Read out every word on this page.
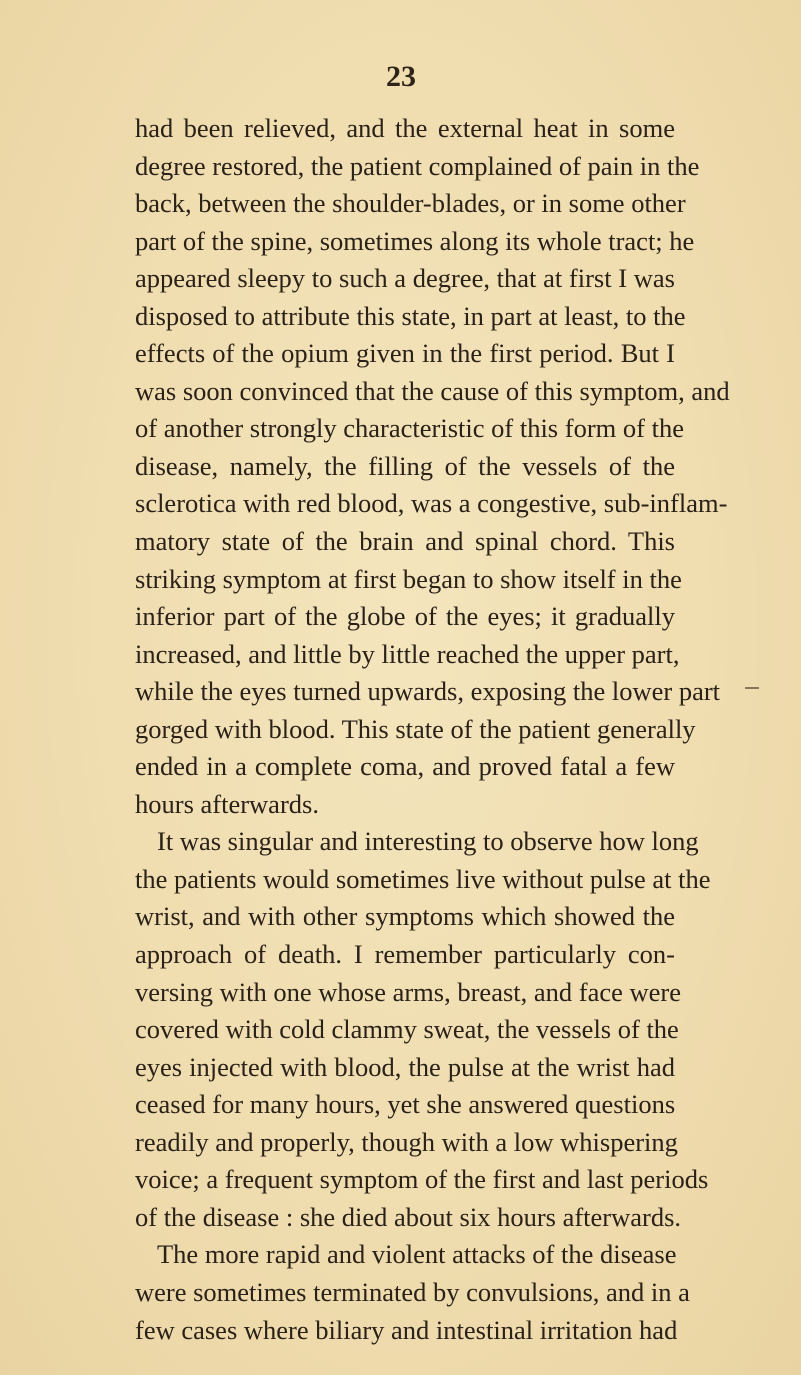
23
had been relieved, and the external heat in some
degree restored, the patient complained of pain in the
back, between the shoulder-blades, or in some other
part of the spine, sometimes along its whole tract; he
appeared sleepy to such a degree, that at first I was
disposed to attribute this state, in part at least, to the
effects of the opium given in the first period. But I
was soon convinced that the cause of this symptom, and
of another strongly characteristic of this form of the
disease, namely, the filling of the vessels of the
sclerotica with red blood, was a congestive, sub-inflam-
matory state of the brain and spinal chord. This
striking symptom at first began to show itself in the
inferior part of the globe of the eyes; it gradually
increased, and little by little reached the upper part,
while the eyes turned upwards, exposing the lower part
gorged with blood. This state of the patient generally
ended in a complete coma, and proved fatal a few
hours afterwards.
It was singular and interesting to observe how long
the patients would sometimes live without pulse at the
wrist, and with other symptoms which showed the
approach of death. I remember particularly con-
versing with one whose arms, breast, and face were
covered with cold clammy sweat, the vessels of the
eyes injected with blood, the pulse at the wrist had
ceased for many hours, yet she answered questions
readily and properly, though with a low whispering
voice; a frequent symptom of the first and last periods
of the disease : she died about six hours afterwards.
The more rapid and violent attacks of the disease
were sometimes terminated by convulsions, and in a
few cases where biliary and intestinal irritation had
